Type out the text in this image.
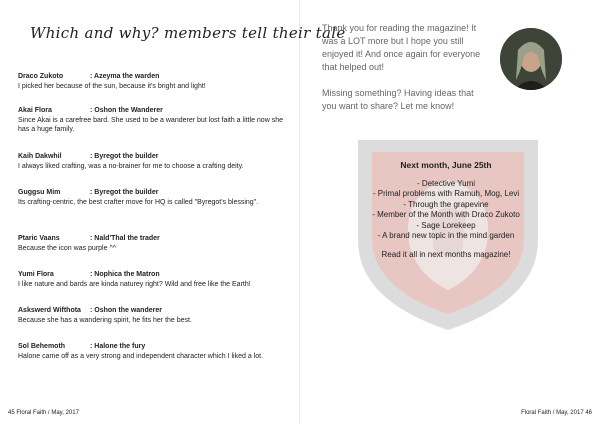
Which and why? members tell their tale
Draco Zukoto	: Azeyma the warden
I picked her because of the sun, because it's bright and light!
Akai Flora	: Oshon the Wanderer
Since Akai is a carefree bard. She used to be a wanderer but lost faith a little now she has a huge family.
Kaih Dakwhil	: Byregot the builder
I always liked crafting, was a no-brainer for me to choose a crafting deity.
Guggsu Mim	: Byregot the builder
Its crafting-centric, the best crafter move for HQ is called "Byregot's blessing".
Ptaric Vaans	: Nald'Thal the trader
Because the icon was purple ^^
Yumi Flora	: Nophica the Matron
I like nature and bards are kinda naturey right? Wild and free like the Earth!
Askswerd Wifthota : Oshon the wanderer
Because she has a wandering spirit, he fits her the best.
Sol Behemoth	: Halone the fury
Halone came off as a very strong and independent character which I liked a lot.
45 Floral Faith / May, 2017

Thank you for reading the magazine! It was a LOT more but I hope you still enjoyed it! And once again for everyone that helped out!

Missing something? Having ideas that you want to share? Let me know!

Next month, June 25th
- Detective Yumi
- Primal problems with Ramuh, Mog, Levi
- Through the grapevine
- Member of the Month with Draco Zukoto
- Sage Lorekeep
- A brand new topic in the mind garden
Read it all in next months magazine!
Floral Faith / May, 2017 46
